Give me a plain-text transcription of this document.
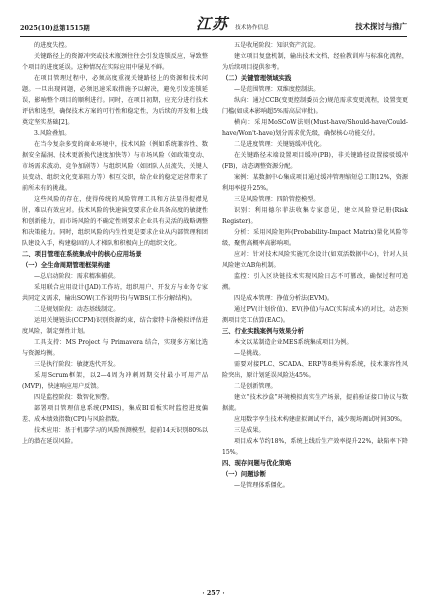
2025(10)总第1515期	江苏 技术协作信息	技术探讨与推广

的进度失控。

关键路径上的资源冲突或技术瓶颈往往会引发连锁反应，导致整个项目的进度延误。这种情况在实际应用中屡见不鲜。

在项目管理过程中，必须高度重视关键路径上的资源和技术问题。一旦出现问题，必须迅速采取措施予以解决，避免引发连锁延误，影响整个项目的顺利进行。同时，在项目初期，应充分进行技术评估和选型，确保技术方案的可行性和稳定性，为后续的开发和上线奠定坚实基础[2]。

3.风险叠加。

在当今复杂多变的商业环境中，技术风险（例如系统兼容性、数据安全漏洞、技术更新换代速度加快等）与市场风险（如政策变动、市场需求波动、竞争加剧等）与组织风险（如团队人员流失、关键人员变动、组织文化变革阻力等）相互交织，给企业的稳定运营带来了前所未有的挑战。

这些风险的存在，使得传统的风险管理工具和方法显得捉襟见肘，难以有效应对。技术风险的快速演变要求企业具备高度的敏捷性和创新能力，而市场风险的不确定性则要求企业具有灵活的战略调整和决策能力。同时，组织风险的内生性更是要求企业从内部管理和团队建设入手，构建稳固的人才梯队和积极向上的组织文化。

二、项目管理在系统集成中的核心应用场景

（一）全生命周期管理框架构建

—总启动阶段：需求精准捕获。

采用联合应用设计(JAD)工作坊，组织用户、开发方与业务专家共同定义需求，输出SOW(工作说明书)与WBS(工作分解结构)。

二是规划阶段：动态基线制定。

运用关键链法(CCPM)识别资源约束，结合蒙特卡洛模拟评估进度风险，制定弹性计划。

工具支持：MS Project 与 Primavera 结合，实现多方案比选与资源均衡。

三是执行阶段：敏捷迭代开发。

采用Scrum框架，以2—4周为冲刺周期交付最小可用产品(MVP)，快速响应用户反馈。

四是监控阶段：数智化预警。

部署项目管理信息系统(PMIS)，集成BI看板实时监控进度偏差、成本绩效指数(CPI)与风险指数。

技术应用：基于机器学习的风险预测模型，提前14天识别80%以上的潜在延误风险。

五是收尾阶段：知识资产沉淀。

建立项目复盘机制，输出技术文档、经验教训库与标准化流程，为后续项目提供参考。

（二）关键管理领域实践

—是范围管理：双维度控制法。

纵向：通过CCB(变更控制委员会)规范需求变更流程，设置变更门槛(如成本影响超5%需高层审批)。

横向：采用MoSCoW法则(Must-have/Should-have/Could-have/Won't-have)划分需求优先级，确保核心功能交付。

二是进度管理：关键链缓冲优化。

在关键路径末端设置项目缓冲(PB)，非关键路径设置接驳缓冲(FB)，动态调整资源分配。

案例：某数据中心集成项目通过缓冲管理缩短总工期12%，资源利用率提升25%。

三是风险管理：四阶管控模型。

识别：利用德尔菲法收集专家意见，建立风险登记册(Risk Register)。

分析：采用风险矩阵(Probability-Impact Matrix)量化风险等级，聚焦高概率高影响项。

应对：针对技术风险实施冗余设计(如双活数据中心)，针对人员风险建立AB角机制。

监控：引入区块链技术实现风险日志不可篡改，确保过程可追溯。

四是成本管理：挣值分析法(EVM)。

通过PV(计划价值)、EV(挣值)与AC(实际成本)的对比，动态预测项目完工估算(EAC)。

三、行业实践案例与效果分析

本文以某制造企业MES系统集成项目为例。

—是挑战。

需要对接PLC、SCADA、ERP等8类异构系统，技术兼容性风险突出，原计划延误风险达45%。

二是创新管理。

建立“技术沙盒”环境模拟真实生产场景，提前验证接口协议与数据流。

应用数字孪生技术构建虚拟调试平台，减少现场调试时间30%。

三是成果。

项目成本节约18%，系统上线后生产效率提升22%，缺陷率下降15%。

四、现存问题与优化策略

（一）问题诊断

—是管理体系僵化。

· 257 ·
